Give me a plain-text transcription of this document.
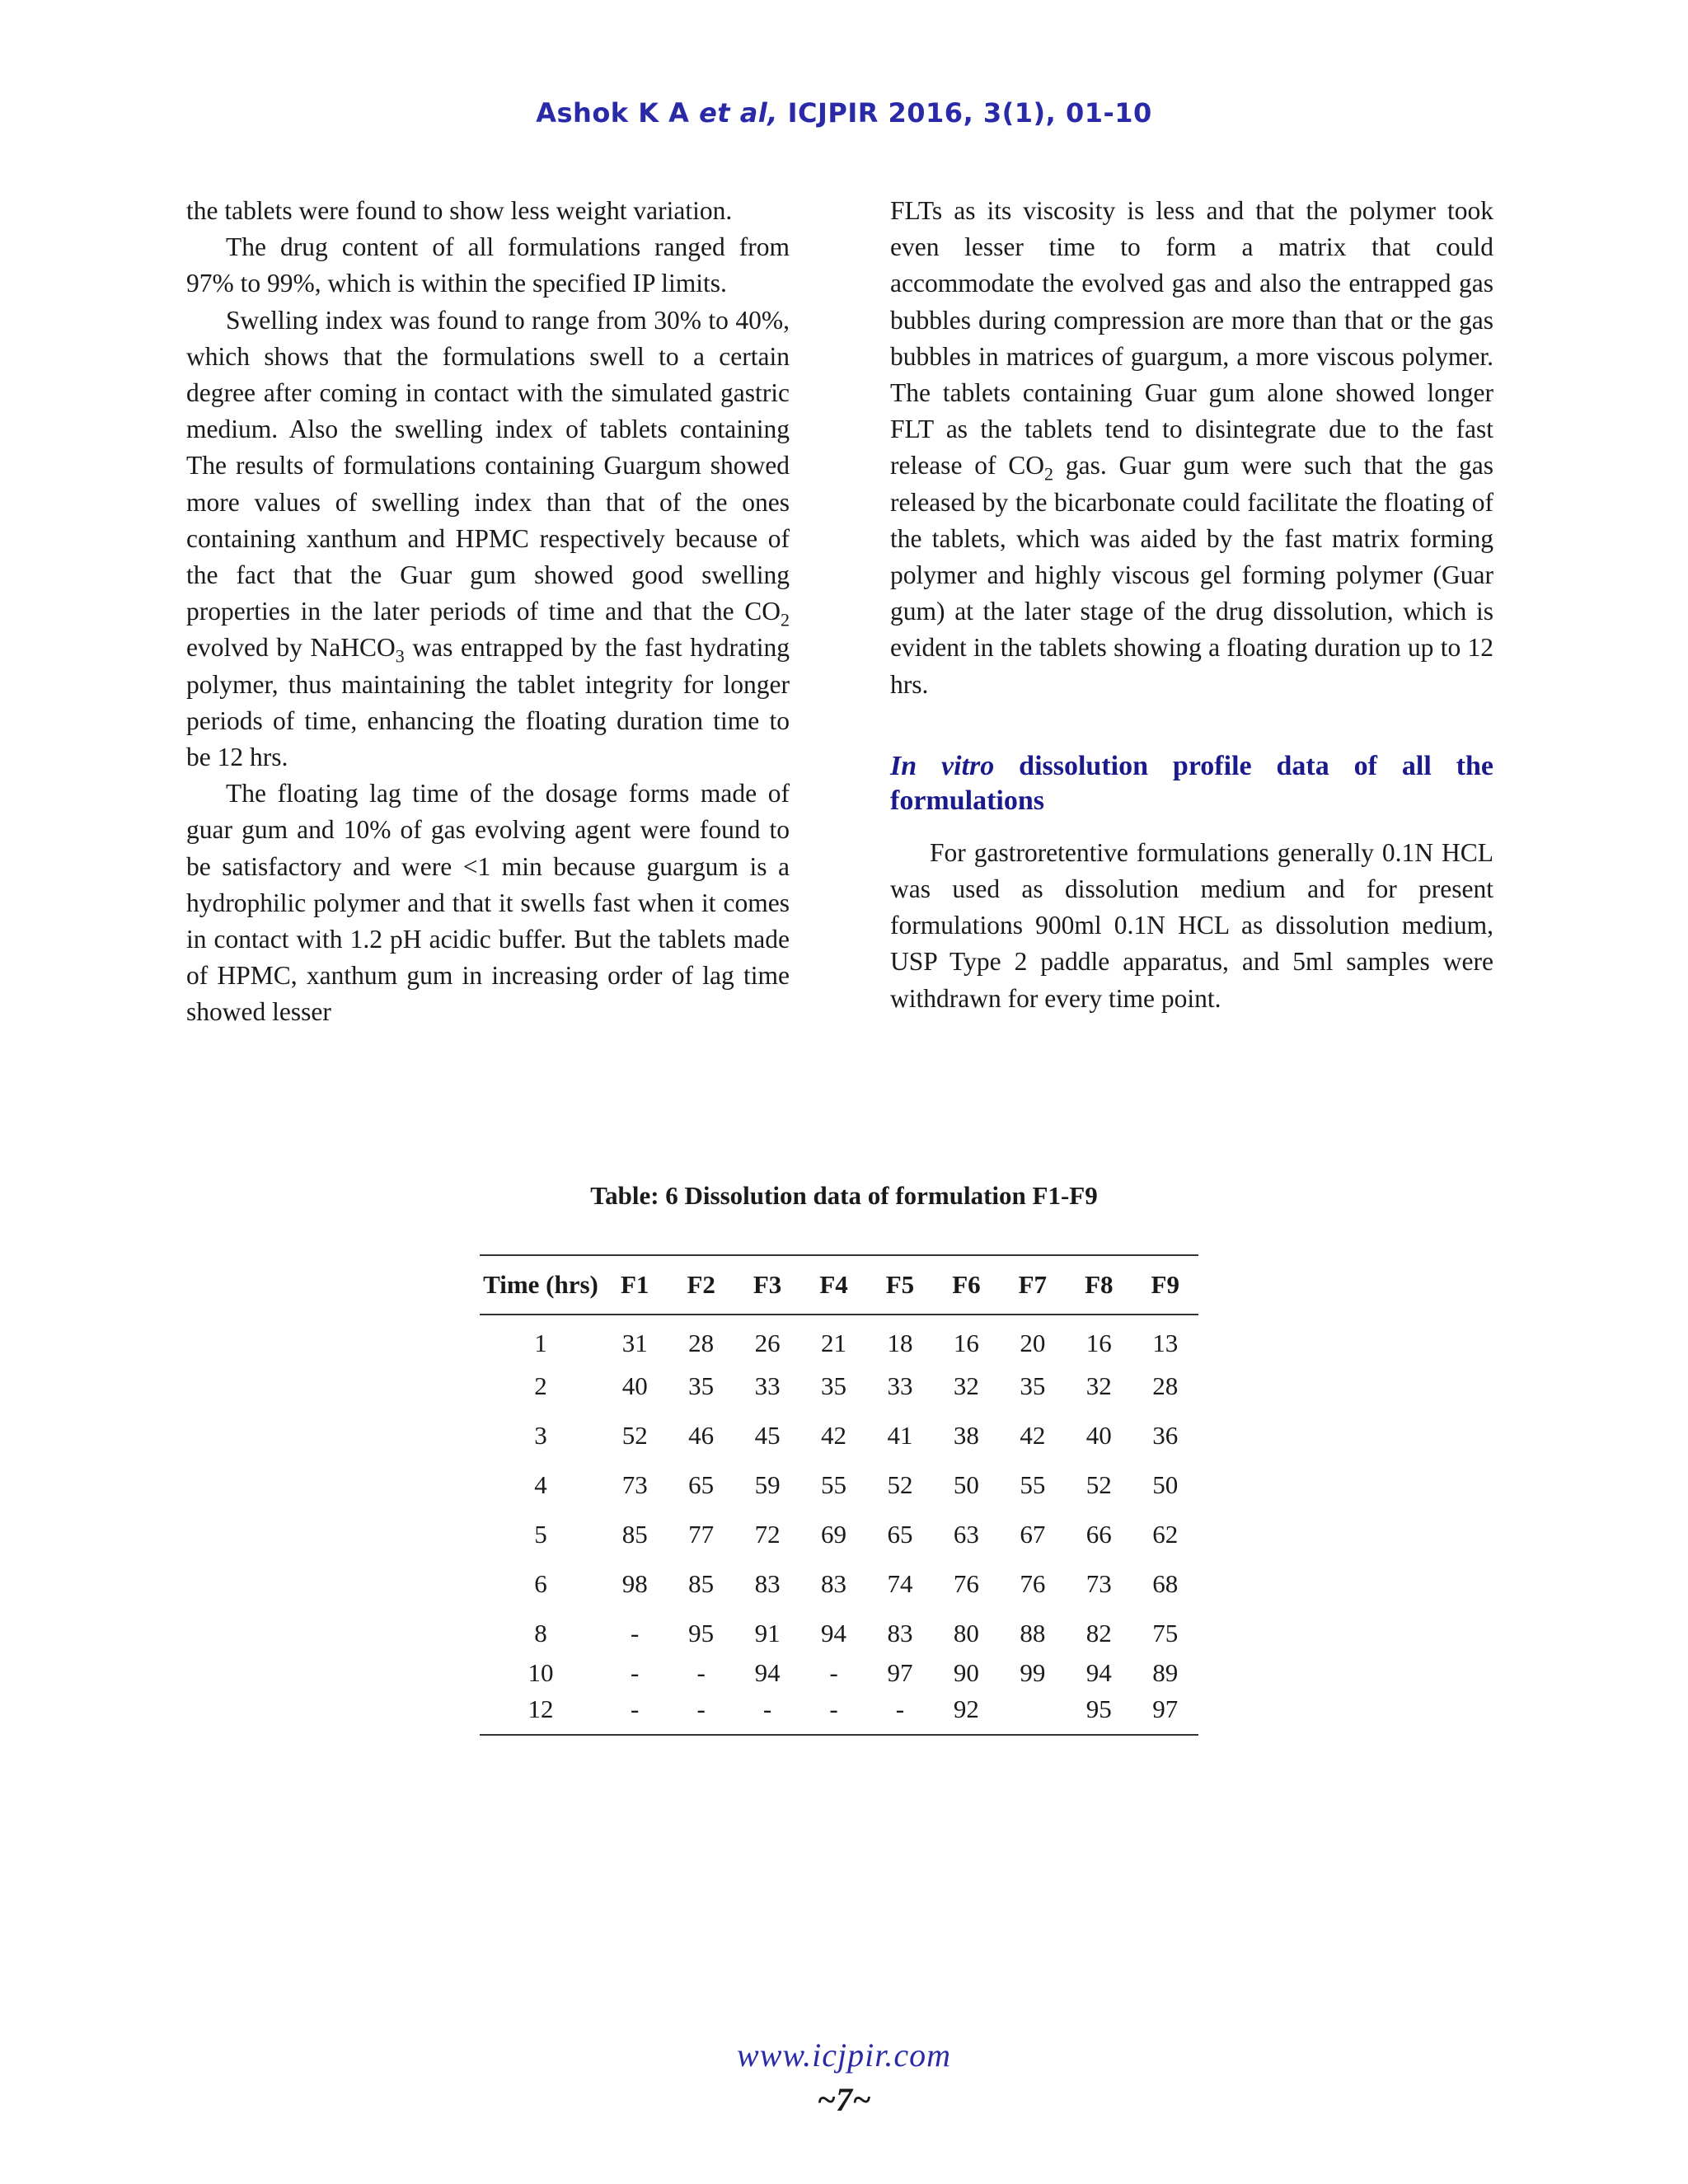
Ashok K A et al, ICJPIR 2016, 3(1), 01-10

the tablets were found to show less weight variation.

The drug content of all formulations ranged from 97% to 99%, which is within the specified IP limits.

Swelling index was found to range from 30% to 40%, which shows that the formulations swell to a certain degree after coming in contact with the simulated gastric medium. Also the swelling index of tablets containing The results of formulations containing Guargum showed more values of swelling index than that of the ones containing xanthum and HPMC respectively because of the fact that the Guar gum showed good swelling properties in the later periods of time and that the $CO_2$ evolved by NaHCO$_3$ was entrapped by the fast hydrating polymer, thus maintaining the tablet integrity for longer periods of time, enhancing the floating duration time to be 12 hrs.

The floating lag time of the dosage forms made of guar gum and 10% of gas evolving agent were found to be satisfactory and were <1 min because guargum is a hydrophilic polymer and that it swells fast when it comes in contact with 1.2 pH acidic buffer. But the tablets made of HPMC, xanthum gum in increasing order of lag time showed lesser

FLTs as its viscosity is less and that the polymer took even lesser time to form a matrix that could accommodate the evolved gas and also the entrapped gas bubbles during compression are more than that or the gas bubbles in matrices of guargum, a more viscous polymer. The tablets containing Guar gum alone showed longer FLT as the tablets tend to disintegrate due to the fast release of $CO_2$ gas. Guar gum were such that the gas released by the bicarbonate could facilitate the floating of the tablets, which was aided by the fast matrix forming polymer and highly viscous gel forming polymer (Guar gum) at the later stage of the drug dissolution, which is evident in the tablets showing a floating duration up to 12 hrs.

In vitro dissolution profile data of all the formulations

For gastroretentive formulations generally 0.1N HCL was used as dissolution medium and for present formulations 900ml 0.1N HCL as dissolution medium, USP Type 2 paddle apparatus, and 5ml samples were withdrawn for every time point.

Table: 6 Dissolution data of formulation F1-F9
Time (hrs)	F1	F2	F3	F4	F5	F6	F7	F8	F9
1	31	28	26	21	18	16	20	16	13
2	40	35	33	35	33	32	35	32	28
3	52	46	45	42	41	38	42	40	36
4	73	65	59	55	52	50	55	52	50
5	85	77	72	69	65	63	67	66	62
6	98	85	83	83	74	76	76	73	68
8	-	95	91	94	83	80	88	82	75
10	-	-	94	-	97	90	99	94	89
12	-	-	-	-	-	92		95	97
www.icjpir.com
~7~
